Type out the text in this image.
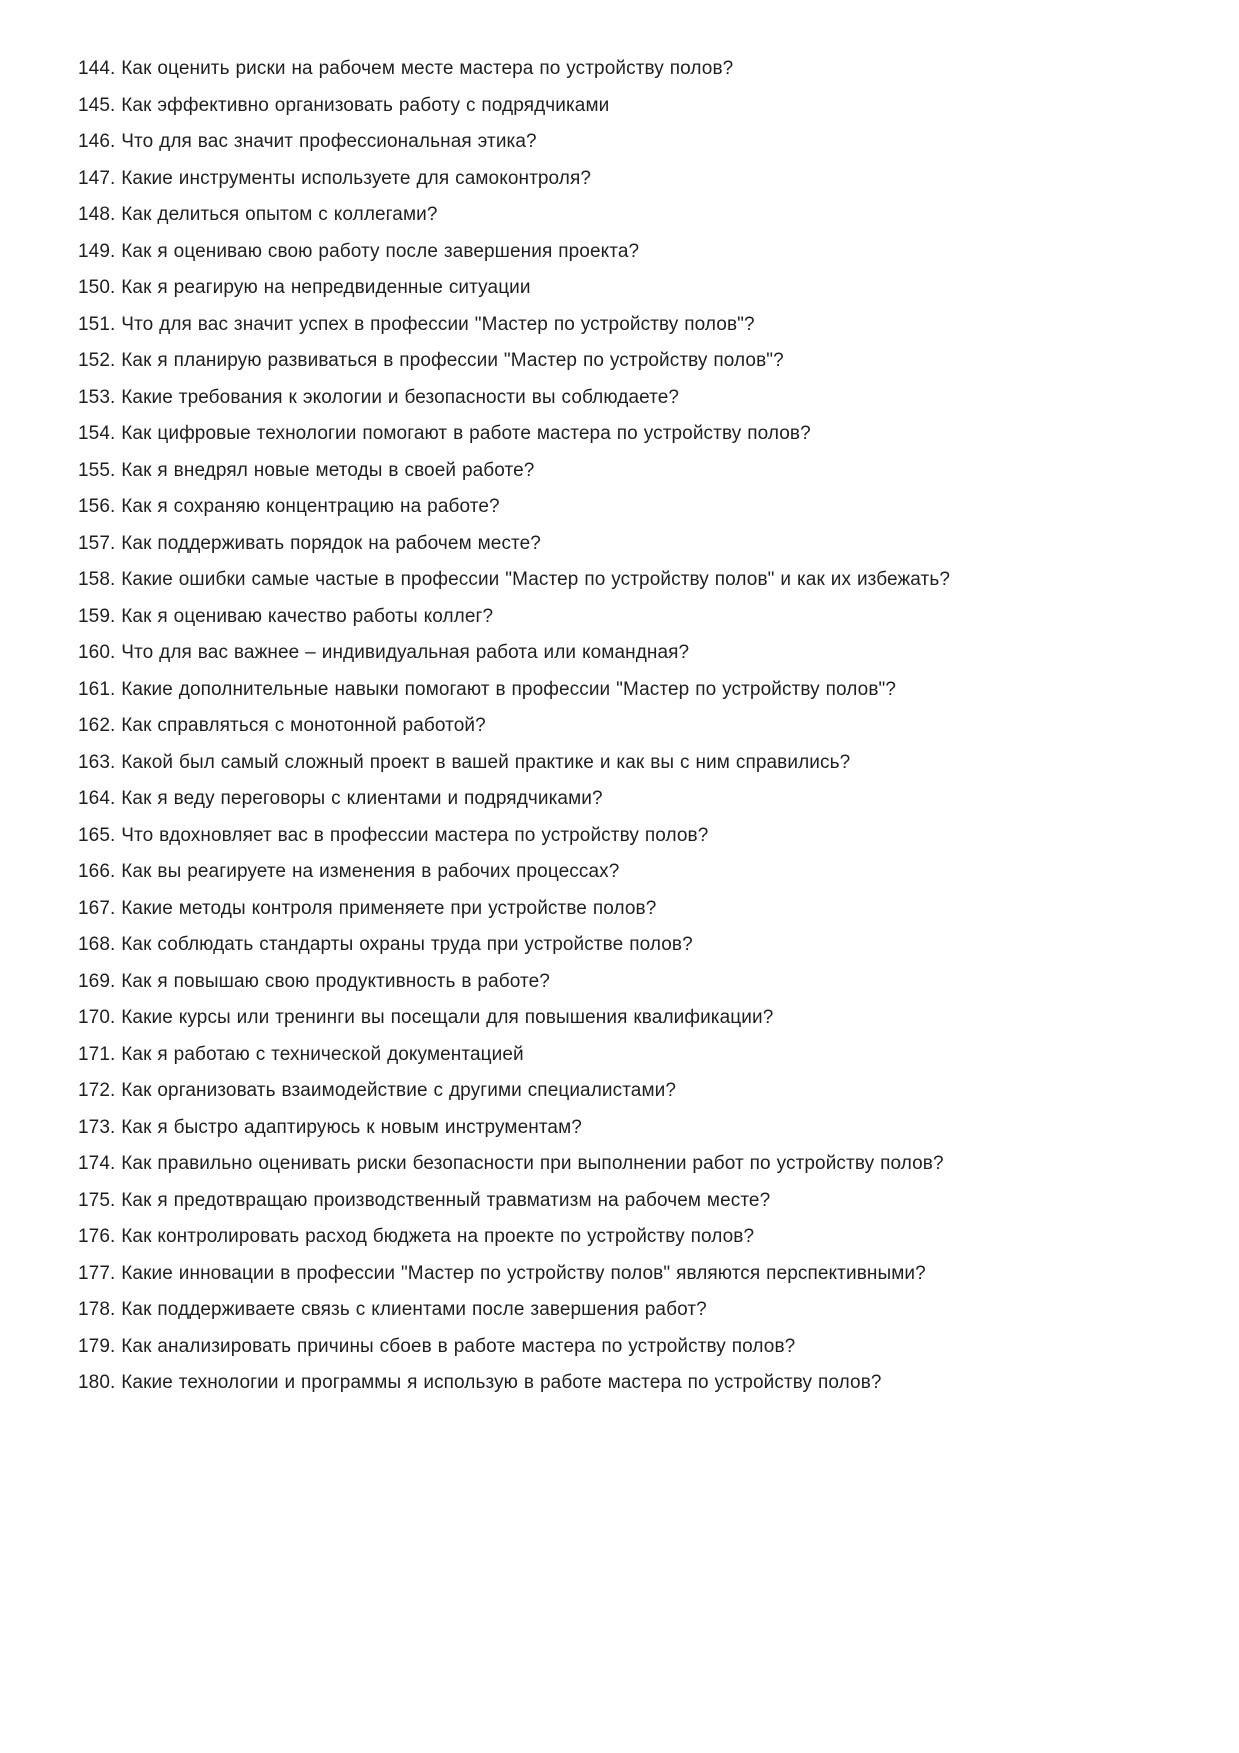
144. Как оценить риски на рабочем месте мастера по устройству полов?

145. Как эффективно организовать работу с подрядчиками

146. Что для вас значит профессиональная этика?

147. Какие инструменты используете для самоконтроля?

148. Как делиться опытом с коллегами?

149. Как я оцениваю свою работу после завершения проекта?

150. Как я реагирую на непредвиденные ситуации

151. Что для вас значит успех в профессии "Мастер по устройству полов"?

152. Как я планирую развиваться в профессии "Мастер по устройству полов"?

153. Какие требования к экологии и безопасности вы соблюдаете?

154. Как цифровые технологии помогают в работе мастера по устройству полов?

155. Как я внедрял новые методы в своей работе?

156. Как я сохраняю концентрацию на работе?

157. Как поддерживать порядок на рабочем месте?

158. Какие ошибки самые частые в профессии "Мастер по устройству полов" и как их избежать?

159. Как я оцениваю качество работы коллег?

160. Что для вас важнее – индивидуальная работа или командная?

161. Какие дополнительные навыки помогают в профессии "Мастер по устройству полов"?

162. Как справляться с монотонной работой?

163. Какой был самый сложный проект в вашей практике и как вы с ним справились?

164. Как я веду переговоры с клиентами и подрядчиками?

165. Что вдохновляет вас в профессии мастера по устройству полов?

166. Как вы реагируете на изменения в рабочих процессах?

167. Какие методы контроля применяете при устройстве полов?

168. Как соблюдать стандарты охраны труда при устройстве полов?

169. Как я повышаю свою продуктивность в работе?

170. Какие курсы или тренинги вы посещали для повышения квалификации?

171. Как я работаю с технической документацией

172. Как организовать взаимодействие с другими специалистами?

173. Как я быстро адаптируюсь к новым инструментам?

174. Как правильно оценивать риски безопасности при выполнении работ по устройству полов?

175. Как я предотвращаю производственный травматизм на рабочем месте?

176. Как контролировать расход бюджета на проекте по устройству полов?

177. Какие инновации в профессии "Мастер по устройству полов" являются перспективными?

178. Как поддерживаете связь с клиентами после завершения работ?

179. Как анализировать причины сбоев в работе мастера по устройству полов?

180. Какие технологии и программы я использую в работе мастера по устройству полов?
